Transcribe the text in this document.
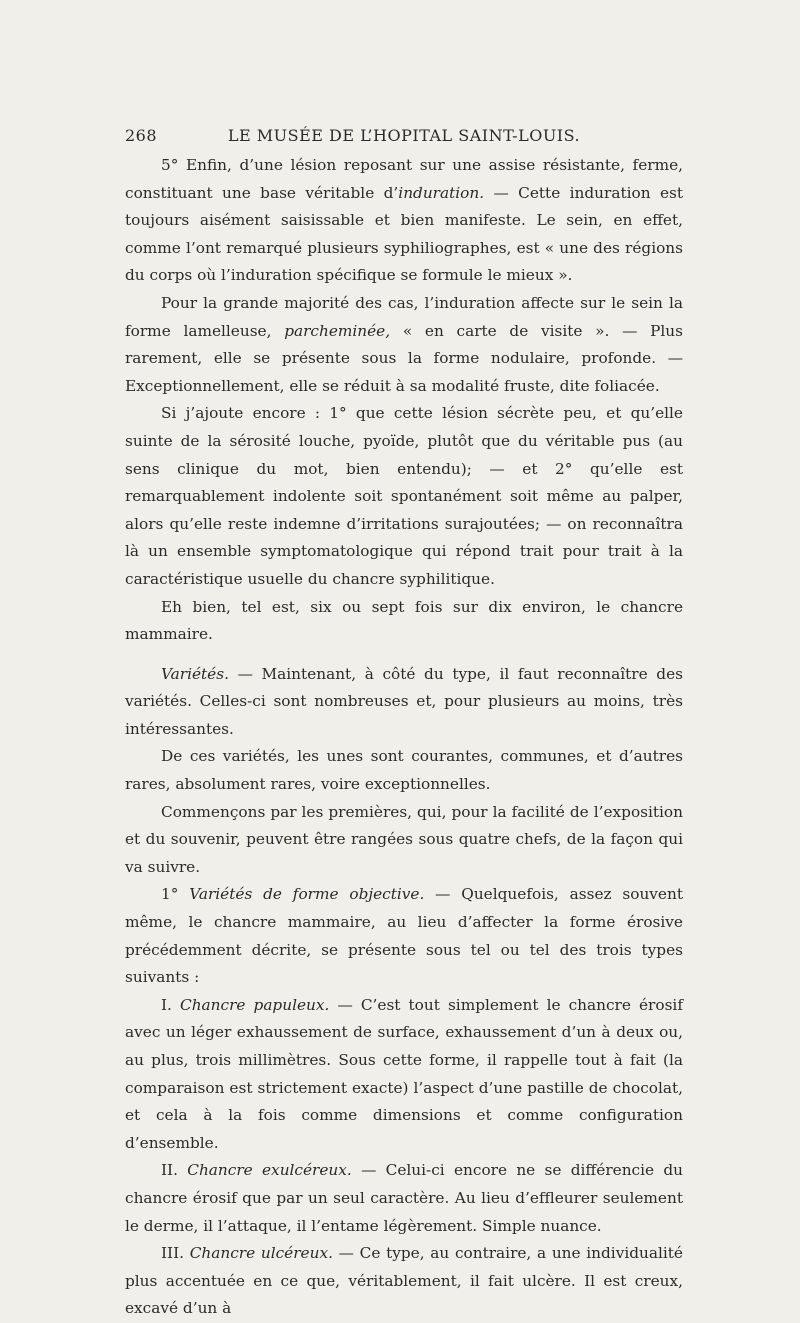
268	LE MUSÉE DE L’HOPITAL SAINT-LOUIS.

5° Enfin, d’une lésion reposant sur une assise résistante, ferme, constituant une base véritable d’induration. — Cette induration est toujours aisément saisissable et bien manifeste. Le sein, en effet, comme l’ont remarqué plusieurs syphiliographes, est « une des régions du corps où l’induration spécifique se formule le mieux ».

Pour la grande majorité des cas, l’induration affecte sur le sein la forme lamelleuse, parcheminée, « en carte de visite ». — Plus rarement, elle se présente sous la forme nodulaire, profonde. — Exceptionnellement, elle se réduit à sa modalité fruste, dite foliacée.

Si j’ajoute encore : 1° que cette lésion sécrète peu, et qu’elle suinte de la sérosité louche, pyoïde, plutôt que du véritable pus (au sens clinique du mot, bien entendu); — et 2° qu’elle est remarquablement indolente soit spontanément soit même au palper, alors qu’elle reste indemne d’irritations surajoutées; — on reconnaîtra là un ensemble symptomatologique qui répond trait pour trait à la caractéristique usuelle du chancre syphilitique.

Eh bien, tel est, six ou sept fois sur dix environ, le chancre mammaire.

Variétés. — Maintenant, à côté du type, il faut reconnaître des variétés. Celles-ci sont nombreuses et, pour plusieurs au moins, très intéressantes.

De ces variétés, les unes sont courantes, communes, et d’autres rares, absolument rares, voire exceptionnelles.

Commençons par les premières, qui, pour la facilité de l’exposition et du souvenir, peuvent être rangées sous quatre chefs, de la façon qui va suivre.

1° Variétés de forme objective. — Quelquefois, assez souvent même, le chancre mammaire, au lieu d’affecter la forme érosive précédemment décrite, se présente sous tel ou tel des trois types suivants :

I. Chancre papuleux. — C’est tout simplement le chancre érosif avec un léger exhaussement de surface, exhaussement d’un à deux ou, au plus, trois millimètres. Sous cette forme, il rappelle tout à fait (la comparaison est strictement exacte) l’aspect d’une pastille de chocolat, et cela à la fois comme dimensions et comme configuration d’ensemble.

II. Chancre exulcéreux. — Celui-ci encore ne se différencie du chancre érosif que par un seul caractère. Au lieu d’effleurer seulement le derme, il l’attaque, il l’entame légèrement. Simple nuance.

III. Chancre ulcéreux. — Ce type, au contraire, a une individualité plus accentuée en ce que, véritablement, il fait ulcère. Il est creux, excavé d’un à
